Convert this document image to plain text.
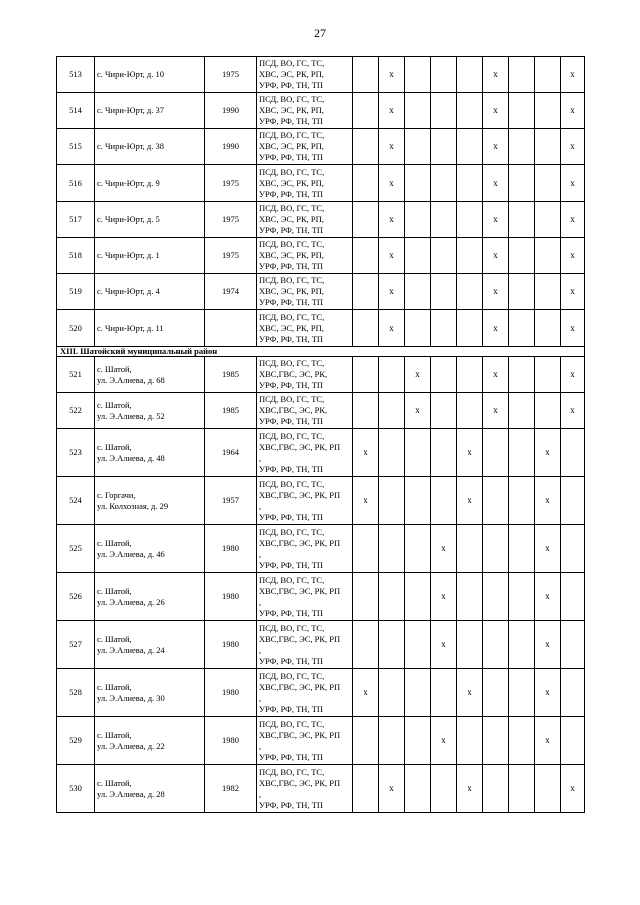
27
513	с. Чири-Юрт, д. 10	1975	ПСД, ВО, ГС, ТС,
ХВС, ЭС, РК, РП,
УРФ, РФ, ТН, ТП		x				x			x
514	с. Чири-Юрт, д. 37	1990	ПСД, ВО, ГС, ТС,
ХВС, ЭС, РК, РП,
УРФ, РФ, ТН, ТП		x				x			x
515	с. Чири-Юрт, д. 38	1990	ПСД, ВО, ГС, ТС,
ХВС, ЭС, РК, РП,
УРФ, РФ, ТН, ТП		x				x			x
516	с. Чири-Юрт, д. 9	1975	ПСД, ВО, ГС, ТС,
ХВС, ЭС, РК, РП,
УРФ, РФ, ТН, ТП		x				x			x
517	с. Чири-Юрт, д. 5	1975	ПСД, ВО, ГС, ТС,
ХВС, ЭС, РК, РП,
УРФ, РФ, ТН, ТП		x				x			x
518	с. Чири-Юрт, д. 1	1975	ПСД, ВО, ГС, ТС,
ХВС, ЭС, РК, РП,
УРФ, РФ, ТН, ТП		x				x			x
519	с. Чири-Юрт, д. 4	1974	ПСД, ВО, ГС, ТС,
ХВС, ЭС, РК, РП,
УРФ, РФ, ТН, ТП		x				x			x
520	с. Чири-Юрт, д. 11		ПСД, ВО, ГС, ТС,
ХВС, ЭС, РК, РП,
УРФ, РФ, ТН, ТП		x				x			x
XIII. Шатойский муниципальный район												
521	с. Шатой,
ул. Э.Алиева, д. 68	1985	ПСД, ВО, ГС, ТС,
ХВС,ГВС, ЭС, РК,
УРФ, РФ, ТН, ТП			x			x			x
522	с. Шатой,
ул. Э.Алиева, д. 52	1985	ПСД, ВО, ГС, ТС,
ХВС,ГВС, ЭС, РК,
УРФ, РФ, ТН, ТП			x			x			x
523	с. Шатой,
ул. Э.Алиева, д. 48	1964	ПСД, ВО, ГС, ТС,
ХВС,ГВС, ЭС, РК, РП
,
УРФ, РФ, ТН, ТП	x				x			x	
524	с. Горгачи,
ул. Колхозная, д. 29	1957	ПСД, ВО, ГС, ТС,
ХВС,ГВС, ЭС, РК, РП
,
УРФ, РФ, ТН, ТП	x				x			x	
525	с. Шатой,
ул. Э.Алиева, д. 46	1980	ПСД, ВО, ГС, ТС,
ХВС,ГВС, ЭС, РК, РП
,
УРФ, РФ, ТН, ТП				x				x	
526	с. Шатой,
ул. Э.Алиева, д. 26	1980	ПСД, ВО, ГС, ТС,
ХВС,ГВС, ЭС, РК, РП
,
УРФ, РФ, ТН, ТП				x				x	
527	с. Шатой,
ул. Э.Алиева, д. 24	1980	ПСД, ВО, ГС, ТС,
ХВС,ГВС, ЭС, РК, РП
,
УРФ, РФ, ТН, ТП				x				x	
528	с. Шатой,
ул. Э.Алиева, д. 30	1980	ПСД, ВО, ГС, ТС,
ХВС,ГВС, ЭС, РК, РП
,
УРФ, РФ, ТН, ТП	x				x			x	
529	с. Шатой,
ул. Э.Алиева, д. 22	1980	ПСД, ВО, ГС, ТС,
ХВС,ГВС, ЭС, РК, РП
,
УРФ, РФ, ТН, ТП				x				x	
530	с. Шатой,
ул. Э.Алиева, д. 28	1982	ПСД, ВО, ГС, ТС,
ХВС,ГВС, ЭС, РК, РП
,
УРФ, РФ, ТН, ТП		x			x				x
